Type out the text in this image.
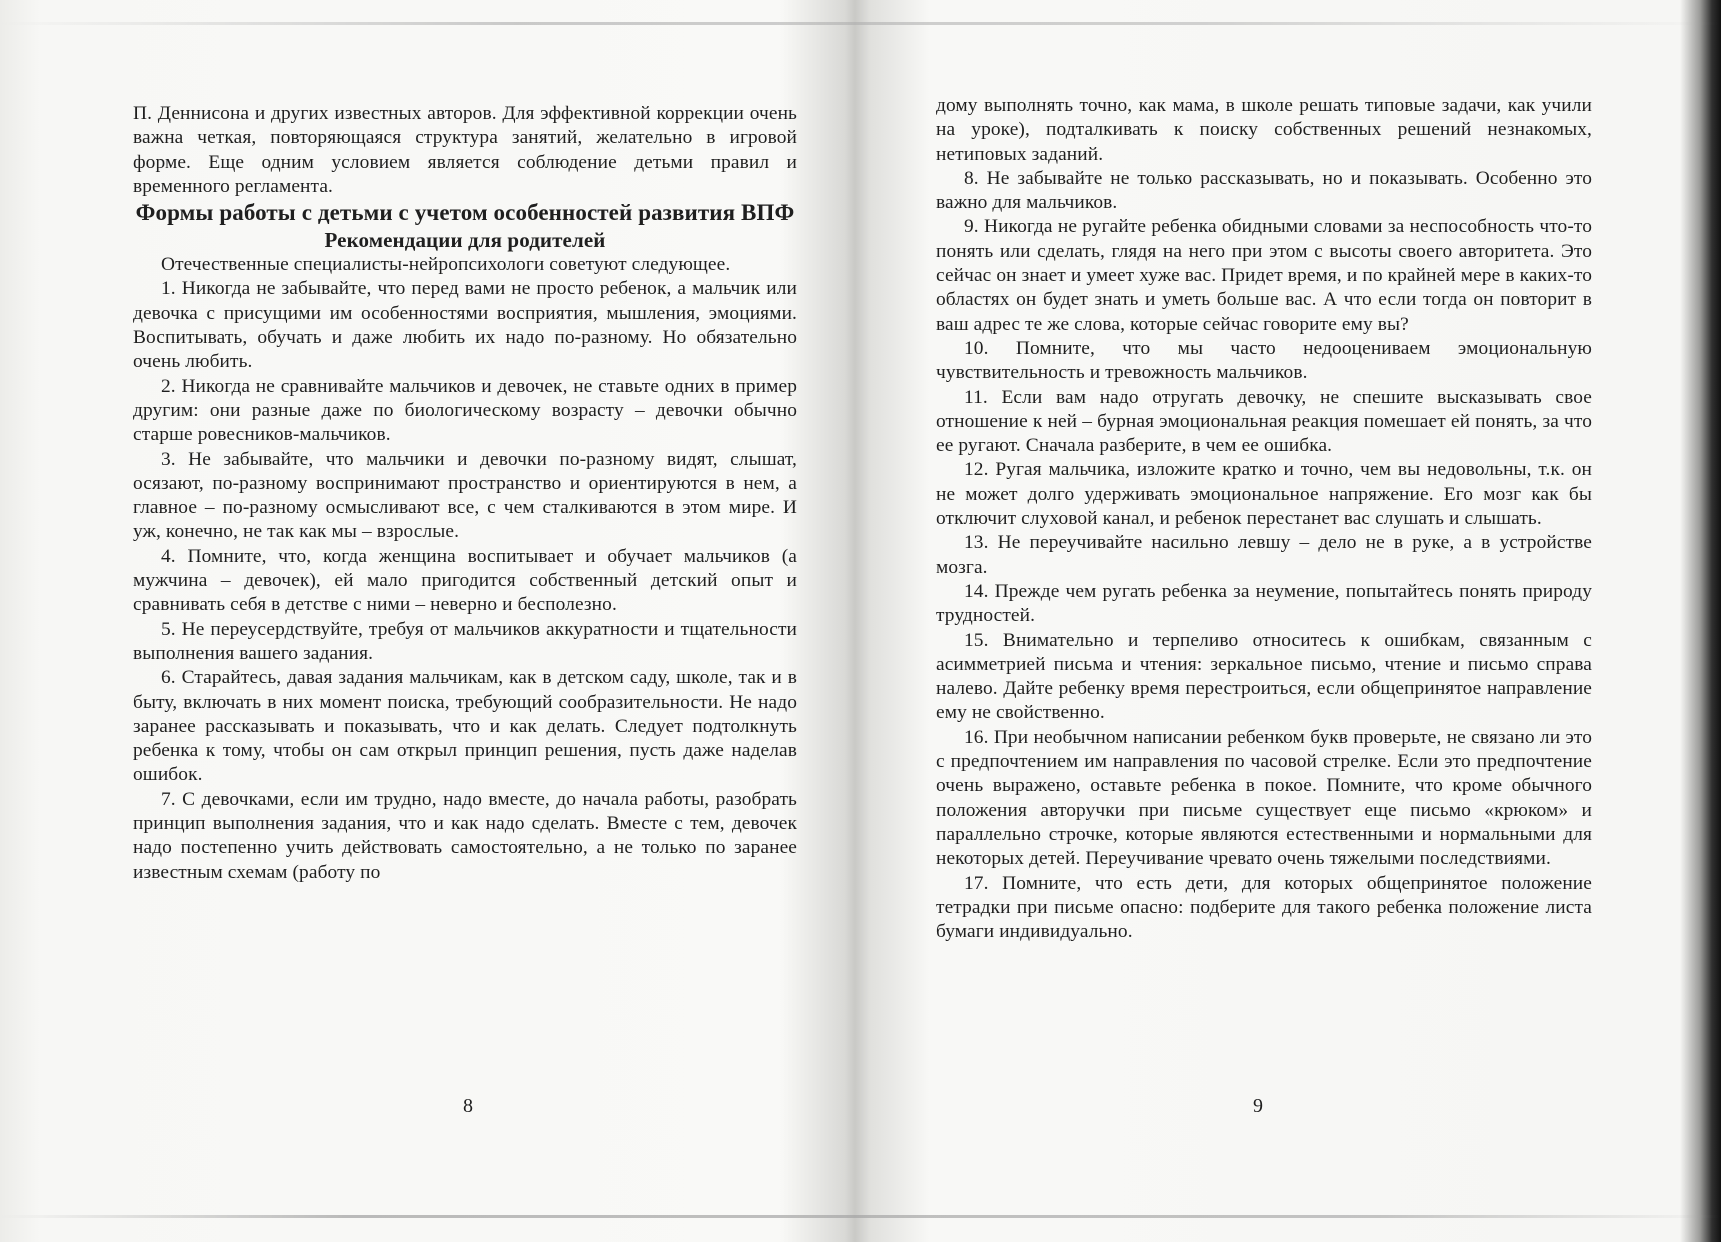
П. Деннисона и других известных авторов. Для эффективной коррекции очень важна четкая, повторяющаяся структура занятий, желательно в игровой форме. Еще одним условием является соблюдение детьми правил и временного регламента.

Формы работы с детьми с учетом особенностей развития ВПФ

Рекомендации для родителей

Отечественные специалисты-нейропсихологи советуют следующее.

1. Никогда не забывайте, что перед вами не просто ребенок, а мальчик или девочка с присущими им особенностями восприятия, мышления, эмоциями. Воспитывать, обучать и даже любить их надо по-разному. Но обязательно очень любить.

2. Никогда не сравнивайте мальчиков и девочек, не ставьте одних в пример другим: они разные даже по биологическому возрасту – девочки обычно старше ровесников-мальчиков.

3. Не забывайте, что мальчики и девочки по-разному видят, слышат, осязают, по-разному воспринимают пространство и ориентируются в нем, а главное – по-разному осмысливают все, с чем сталкиваются в этом мире. И уж, конечно, не так как мы – взрослые.

4. Помните, что, когда женщина воспитывает и обучает мальчиков (а мужчина – девочек), ей мало пригодится собственный детский опыт и сравнивать себя в детстве с ними – неверно и бесполезно.

5. Не переусердствуйте, требуя от мальчиков аккуратности и тщательности выполнения вашего задания.

6. Старайтесь, давая задания мальчикам, как в детском саду, школе, так и в быту, включать в них момент поиска, требующий сообразительности. Не надо заранее рассказывать и показывать, что и как делать. Следует подтолкнуть ребенка к тому, чтобы он сам открыл принцип решения, пусть даже наделав ошибок.

7. С девочками, если им трудно, надо вместе, до начала работы, разобрать принцип выполнения задания, что и как надо сделать. Вместе с тем, девочек надо постепенно учить действовать самостоятельно, а не только по заранее известным схемам (работу по

8

дому выполнять точно, как мама, в школе решать типовые задачи, как учили на уроке), подталкивать к поиску собственных решений незнакомых, нетиповых заданий.

8. Не забывайте не только рассказывать, но и показывать. Особенно это важно для мальчиков.

9. Никогда не ругайте ребенка обидными словами за неспособность что-то понять или сделать, глядя на него при этом с высоты своего авторитета. Это сейчас он знает и умеет хуже вас. Придет время, и по крайней мере в каких-то областях он будет знать и уметь больше вас. А что если тогда он повторит в ваш адрес те же слова, которые сейчас говорите ему вы?

10. Помните, что мы часто недооцениваем эмоциональную чувствительность и тревожность мальчиков.

11. Если вам надо отругать девочку, не спешите высказывать свое отношение к ней – бурная эмоциональная реакция помешает ей понять, за что ее ругают. Сначала разберите, в чем ее ошибка.

12. Ругая мальчика, изложите кратко и точно, чем вы недовольны, т.к. он не может долго удерживать эмоциональное напряжение. Его мозг как бы отключит слуховой канал, и ребенок перестанет вас слушать и слышать.

13. Не переучивайте насильно левшу – дело не в руке, а в устройстве мозга.

14. Прежде чем ругать ребенка за неумение, попытайтесь понять природу трудностей.

15. Внимательно и терпеливо относитесь к ошибкам, связанным с асимметрией письма и чтения: зеркальное письмо, чтение и письмо справа налево. Дайте ребенку время перестроиться, если общепринятое направление ему не свойственно.

16. При необычном написании ребенком букв проверьте, не связано ли это с предпочтением им направления по часовой стрелке. Если это предпочтение очень выражено, оставьте ребенка в покое. Помните, что кроме обычного положения авторучки при письме существует еще письмо «крюком» и параллельно строчке, которые являются естественными и нормальными для некоторых детей. Переучивание чревато очень тяжелыми последствиями.

17. Помните, что есть дети, для которых общепринятое положение тетрадки при письме опасно: подберите для такого ребенка положение листа бумаги индивидуально.

9
